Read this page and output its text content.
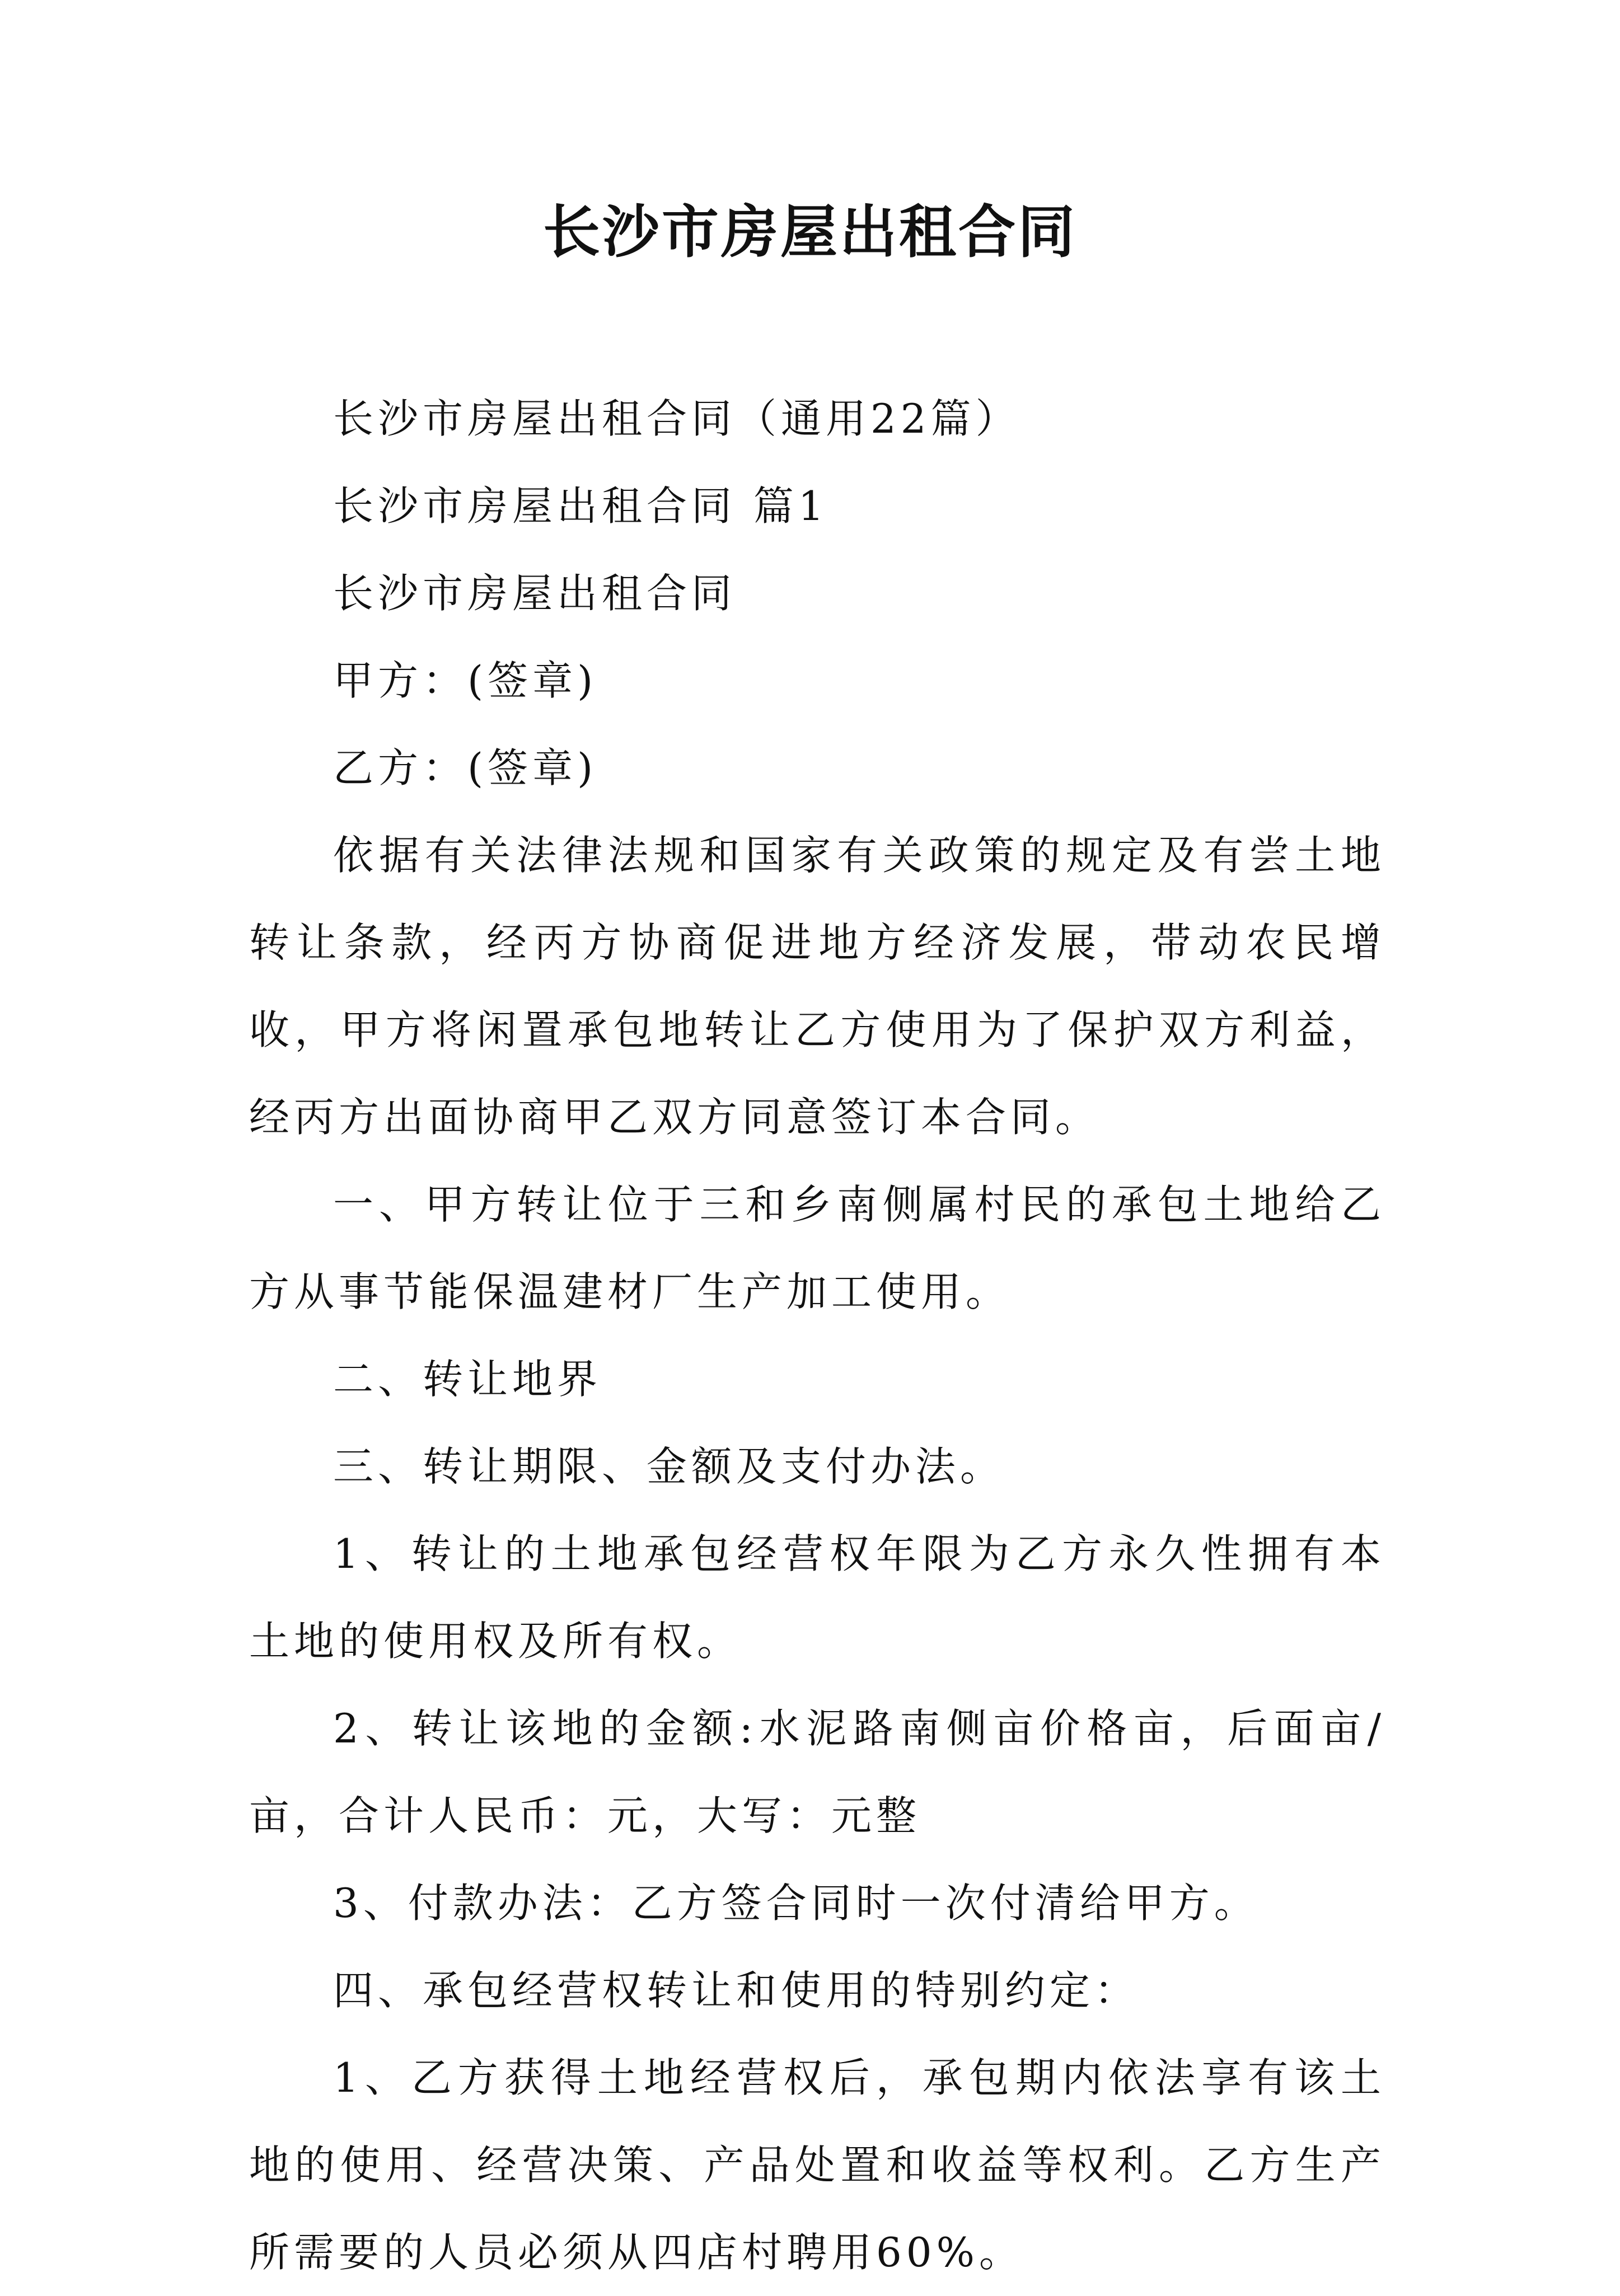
长沙市房屋出租合同

长沙市房屋出租合同（通用22篇）

长沙市房屋出租合同 篇1

长沙市房屋出租合同

甲方：(签章)

乙方：(签章)

依据有关法律法规和国家有关政策的规定及有尝土地转让条款，经丙方协商促进地方经济发展，带动农民增收，甲方将闲置承包地转让乙方使用为了保护双方利益，经丙方出面协商甲乙双方同意签订本合同。

一、甲方转让位于三和乡南侧属村民的承包土地给乙方从事节能保温建材厂生产加工使用。

二、转让地界

三、转让期限、金额及支付办法。

1、转让的土地承包经营权年限为乙方永久性拥有本土地的使用权及所有权。

2、转让该地的金额:水泥路南侧亩价格亩，后面亩/亩，合计人民币：元，大写：元整

3、付款办法：乙方签合同时一次付清给甲方。

四、承包经营权转让和使用的特别约定：

1、乙方获得土地经营权后，承包期内依法享有该土地的使用、经营决策、产品处置和收益等权利。乙方生产所需要的人员必须从四店村聘用60%。
